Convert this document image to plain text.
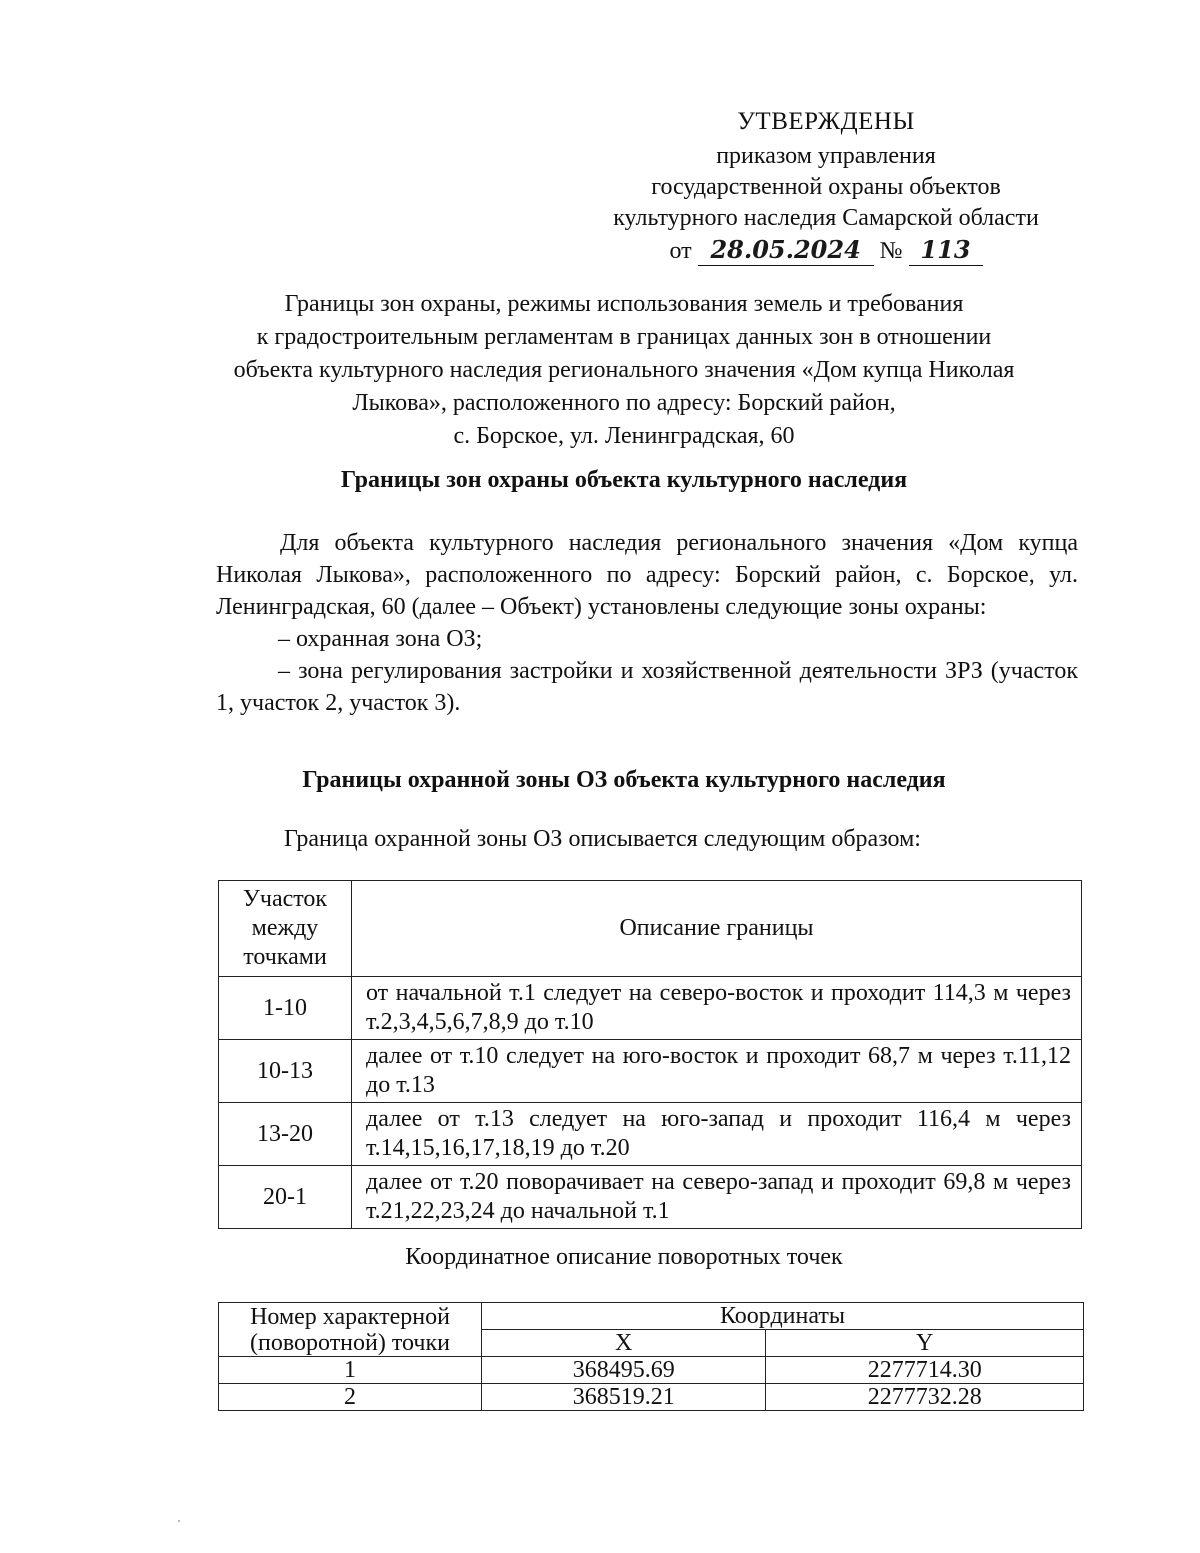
УТВЕРЖДЕНЫ
приказом управления
государственной охраны объектов
культурного наследия Самарской области
от 28.05.2024 № 113
Границы зон охраны, режимы использования земель и требования
к градостроительным регламентам в границах данных зон в отношении
объекта культурного наследия регионального значения «Дом купца Николая
Лыкова», расположенного по адресу: Борский район,
с. Борское, ул. Ленинградская, 60
Границы зон охраны объекта культурного наследия

Для объекта культурного наследия регионального значения «Дом купца Николая Лыкова», расположенного по адресу: Борский район, с. Борское, ул. Ленинградская, 60 (далее – Объект) установлены следующие зоны охраны:

– охранная зона ОЗ;

– зона регулирования застройки и хозяйственной деятельности ЗРЗ (участок 1, участок 2, участок 3).

Границы охранной зоны ОЗ объекта культурного наследия
Граница охранной зоны ОЗ описывается следующим образом:
Участок
между
точками	Описание границы
1-10	от начальной т.1 следует на северо-восток и проходит 114,3 м через т.2,3,4,5,6,7,8,9 до т.10
10-13	далее от т.10 следует на юго-восток и проходит 68,7 м через т.11,12 до т.13
13-20	далее от т.13 следует на юго-запад и проходит 116,4 м через т.14,15,16,17,18,19 до т.20
20-1	далее от т.20 поворачивает на северо-запад и проходит 69,8 м через т.21,22,23,24 до начальной т.1
Координатное описание поворотных точек
Номер характерной
(поворотной) точки	Координаты	
	X	Y
1	368495.69	2277714.30
2	368519.21	2277732.28
